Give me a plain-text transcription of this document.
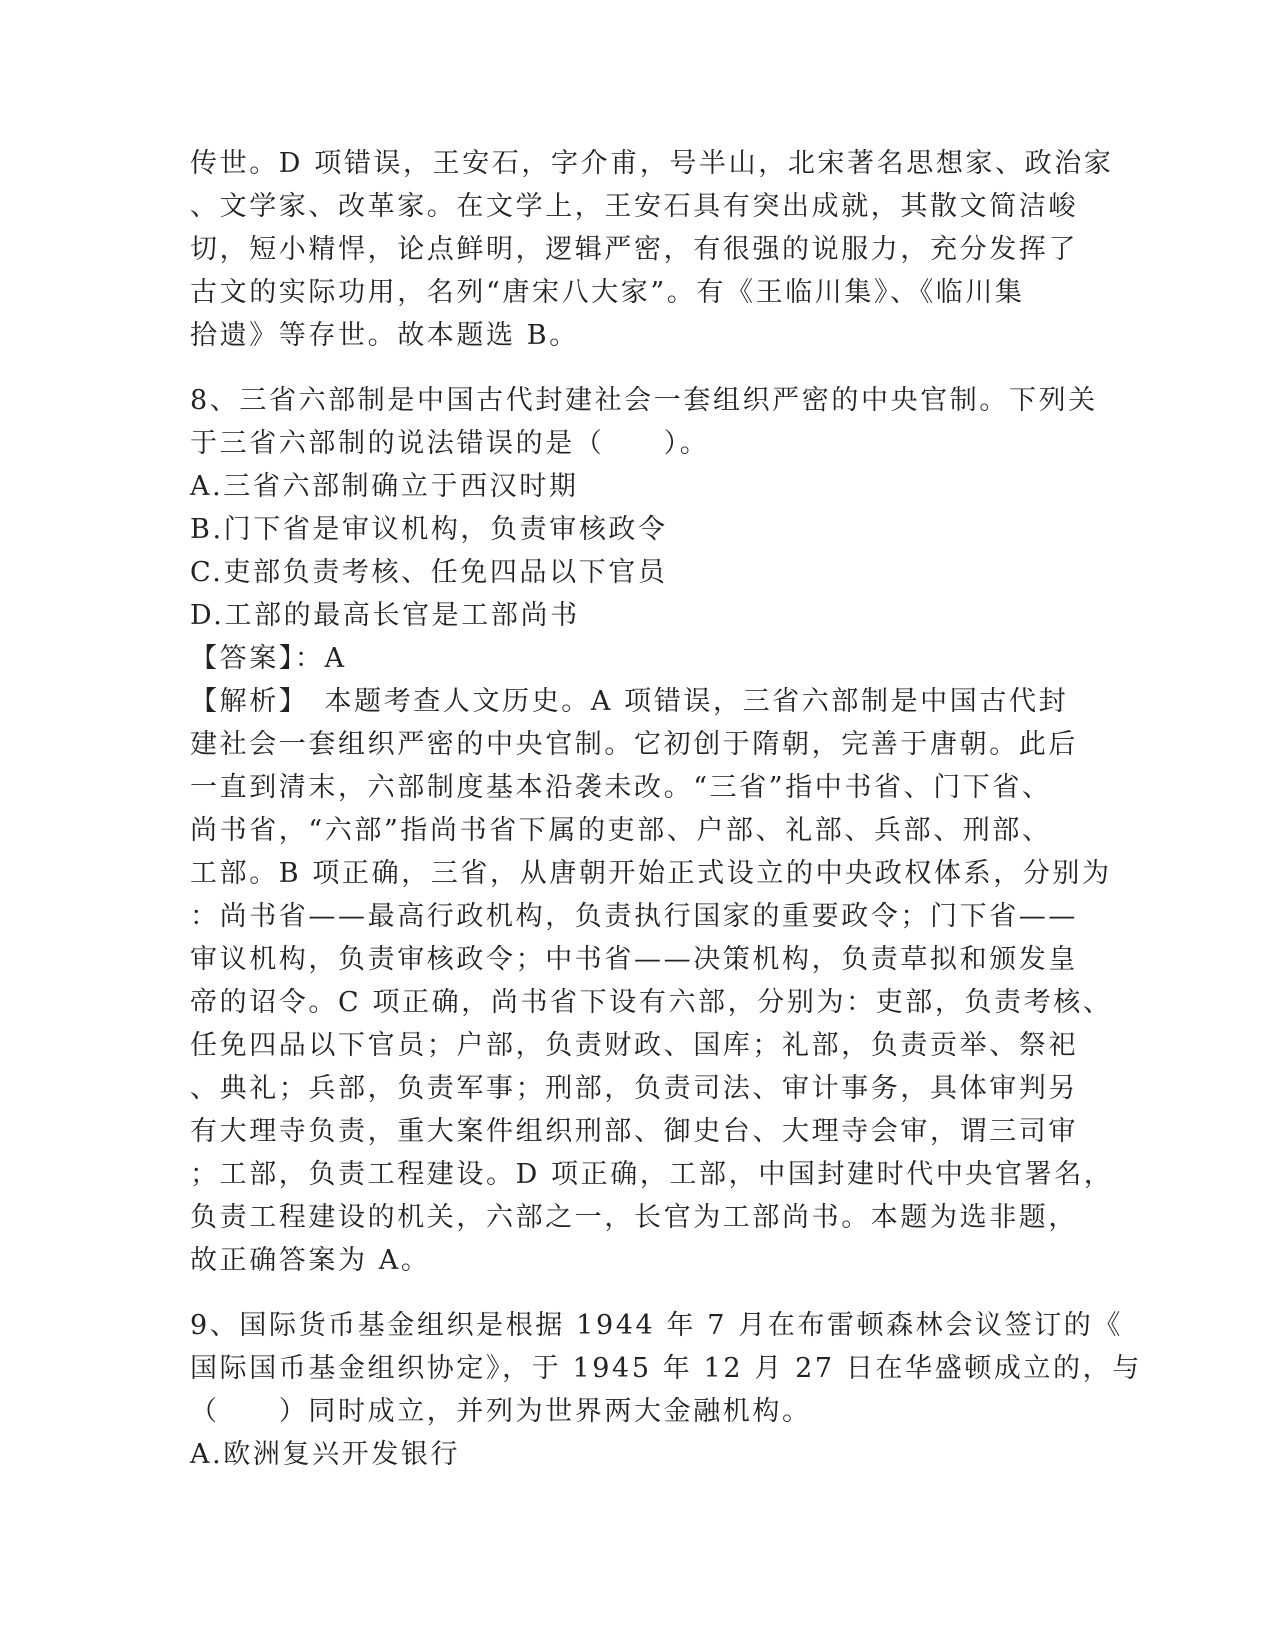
传世。D 项错误，王安石，字介甫，号半山，北宋著名思想家、政治家
、文学家、改革家。在文学上，王安石具有突出成就，其散文简洁峻
切，短小精悍，论点鲜明，逻辑严密，有很强的说服力，充分发挥了
古文的实际功用，名列“唐宋八大家”。有《王临川集》、《临川集
拾遗》等存世。故本题选 B。
8、三省六部制是中国古代封建社会一套组织严密的中央官制。下列关
于三省六部制的说法错误的是（　　）。
A.三省六部制确立于西汉时期
B.门下省是审议机构，负责审核政令
C.吏部负责考核、任免四品以下官员
D.工部的最高长官是工部尚书
【答案】：A
【解析】　本题考查人文历史。A 项错误，三省六部制是中国古代封
建社会一套组织严密的中央官制。它初创于隋朝，完善于唐朝。此后
一直到清末，六部制度基本沿袭未改。“三省”指中书省、门下省、
尚书省，“六部”指尚书省下属的吏部、户部、礼部、兵部、刑部、
工部。B 项正确，三省，从唐朝开始正式设立的中央政权体系，分别为
：尚书省——最高行政机构，负责执行国家的重要政令；门下省——
审议机构，负责审核政令；中书省——决策机构，负责草拟和颁发皇
帝的诏令。C 项正确，尚书省下设有六部，分别为：吏部，负责考核、
任免四品以下官员；户部，负责财政、国库；礼部，负责贡举、祭祀
、典礼；兵部，负责军事；刑部，负责司法、审计事务，具体审判另
有大理寺负责，重大案件组织刑部、御史台、大理寺会审，谓三司审
；工部，负责工程建设。D 项正确，工部，中国封建时代中央官署名，
负责工程建设的机关，六部之一，长官为工部尚书。本题为选非题，
故正确答案为 A。
9、国际货币基金组织是根据 1944 年 7 月在布雷顿森林会议签订的《
国际国币基金组织协定》，于 1945 年 12 月 27 日在华盛顿成立的，与
（　　）同时成立，并列为世界两大金融机构。
A.欧洲复兴开发银行
